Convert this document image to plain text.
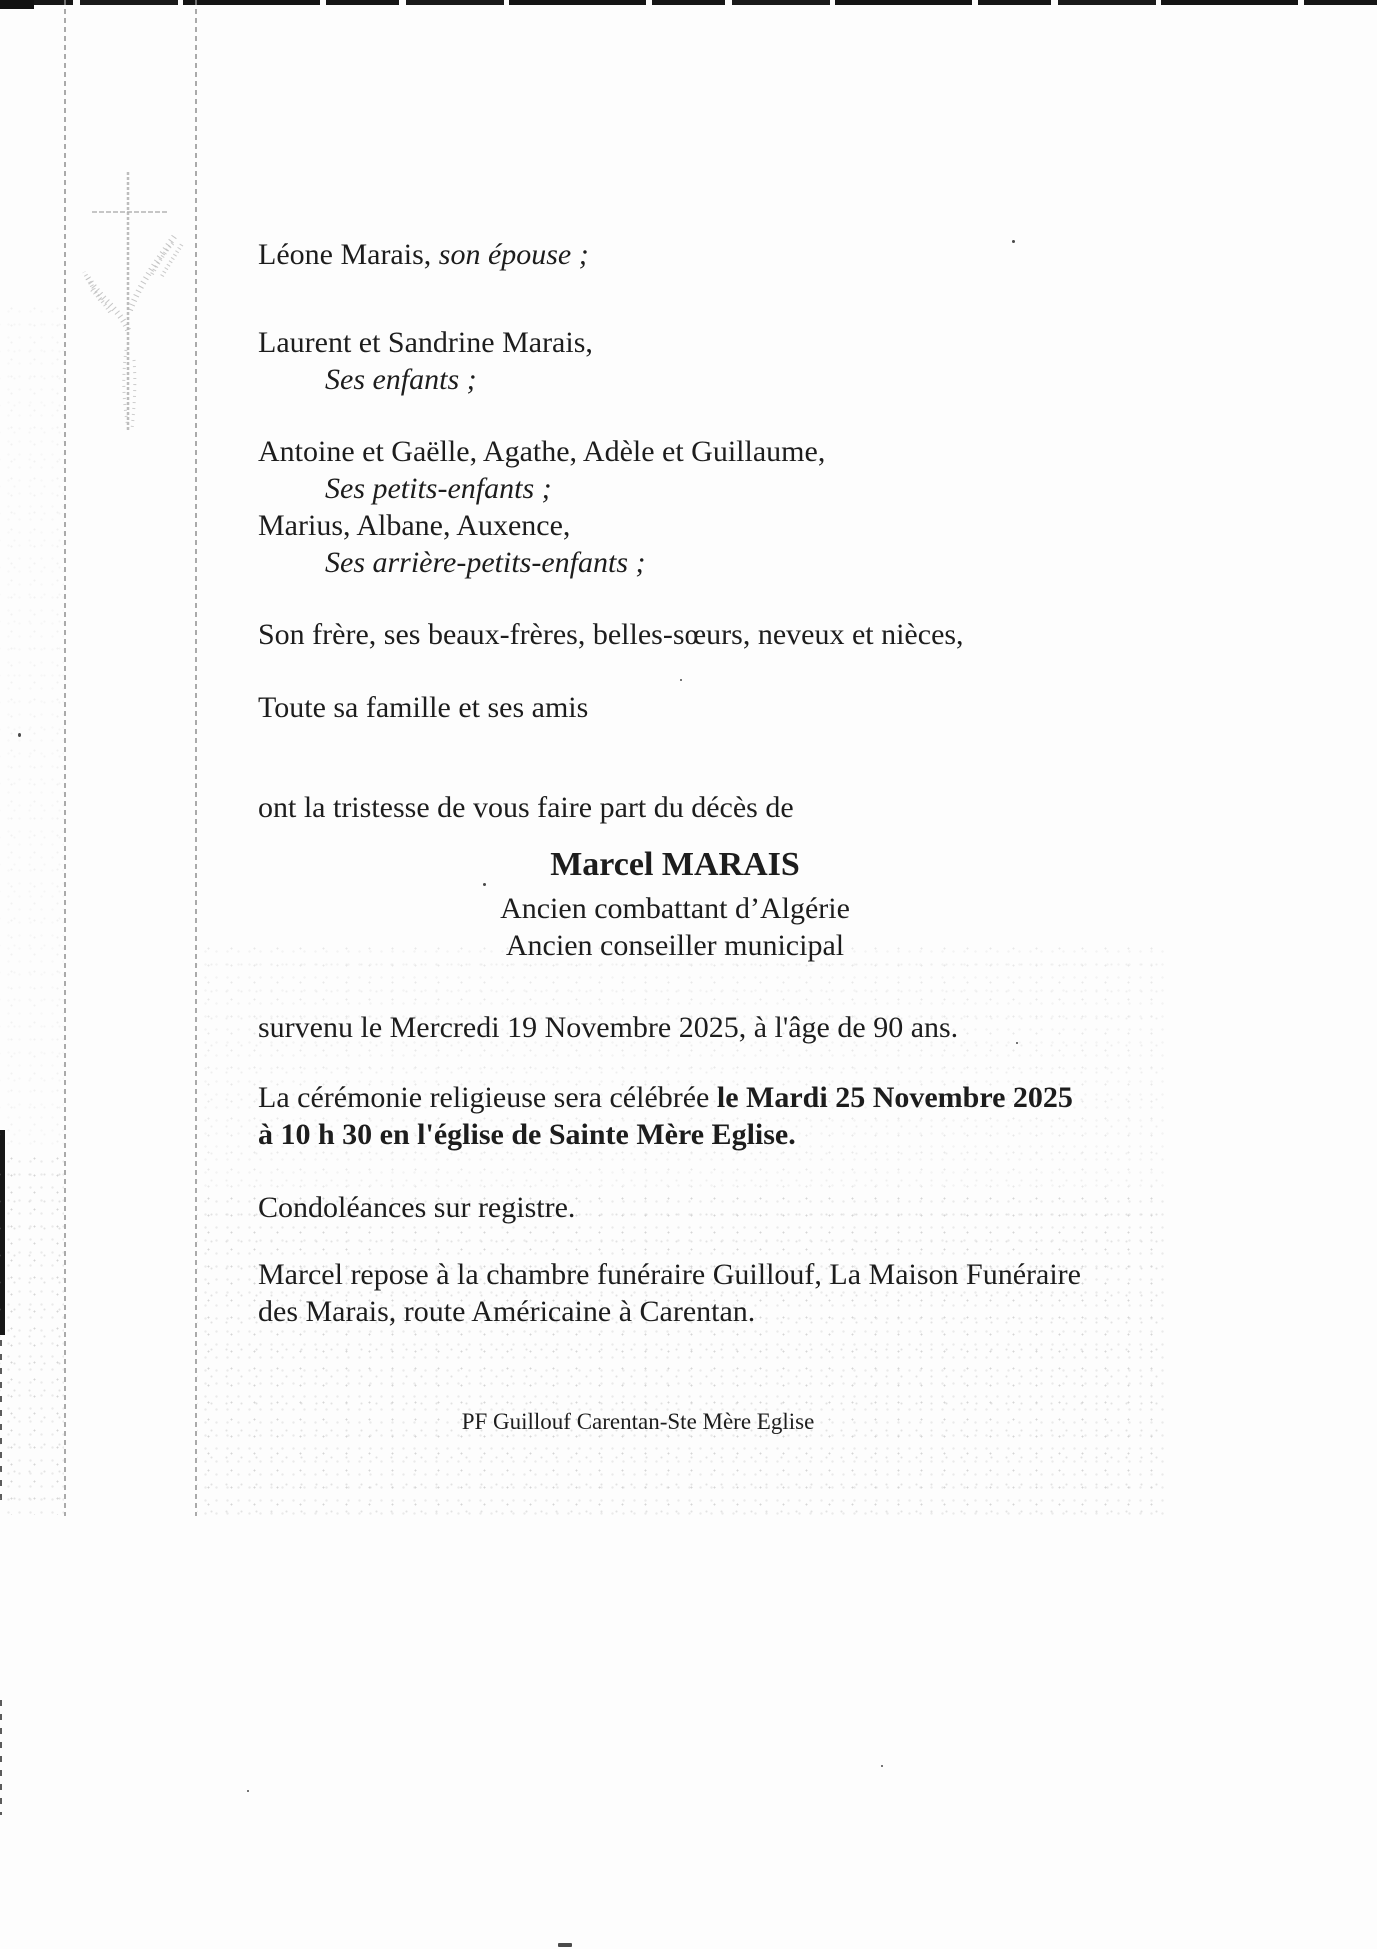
Léone Marais, son épouse ;
Laurent et Sandrine Marais,
Ses enfants ;
Antoine et Gaëlle, Agathe, Adèle et Guillaume,
Ses petits-enfants ;
Marius, Albane, Auxence,
Ses arrière-petits-enfants ;
Son frère, ses beaux-frères, belles-sœurs, neveux et nièces,
Toute sa famille et ses amis
ont la tristesse de vous faire part du décès de
Marcel MARAIS
Ancien combattant d’Algérie
Ancien conseiller municipal
survenu le Mercredi 19 Novembre 2025, à l'âge de 90 ans.
La cérémonie religieuse sera célébrée le Mardi 25 Novembre 2025
à 10 h 30 en l'église de Sainte Mère Eglise.
Condoléances sur registre.
Marcel repose à la chambre funéraire Guillouf, La Maison Funéraire
des Marais, route Américaine à Carentan.
PF Guillouf Carentan-Ste Mère Eglise
